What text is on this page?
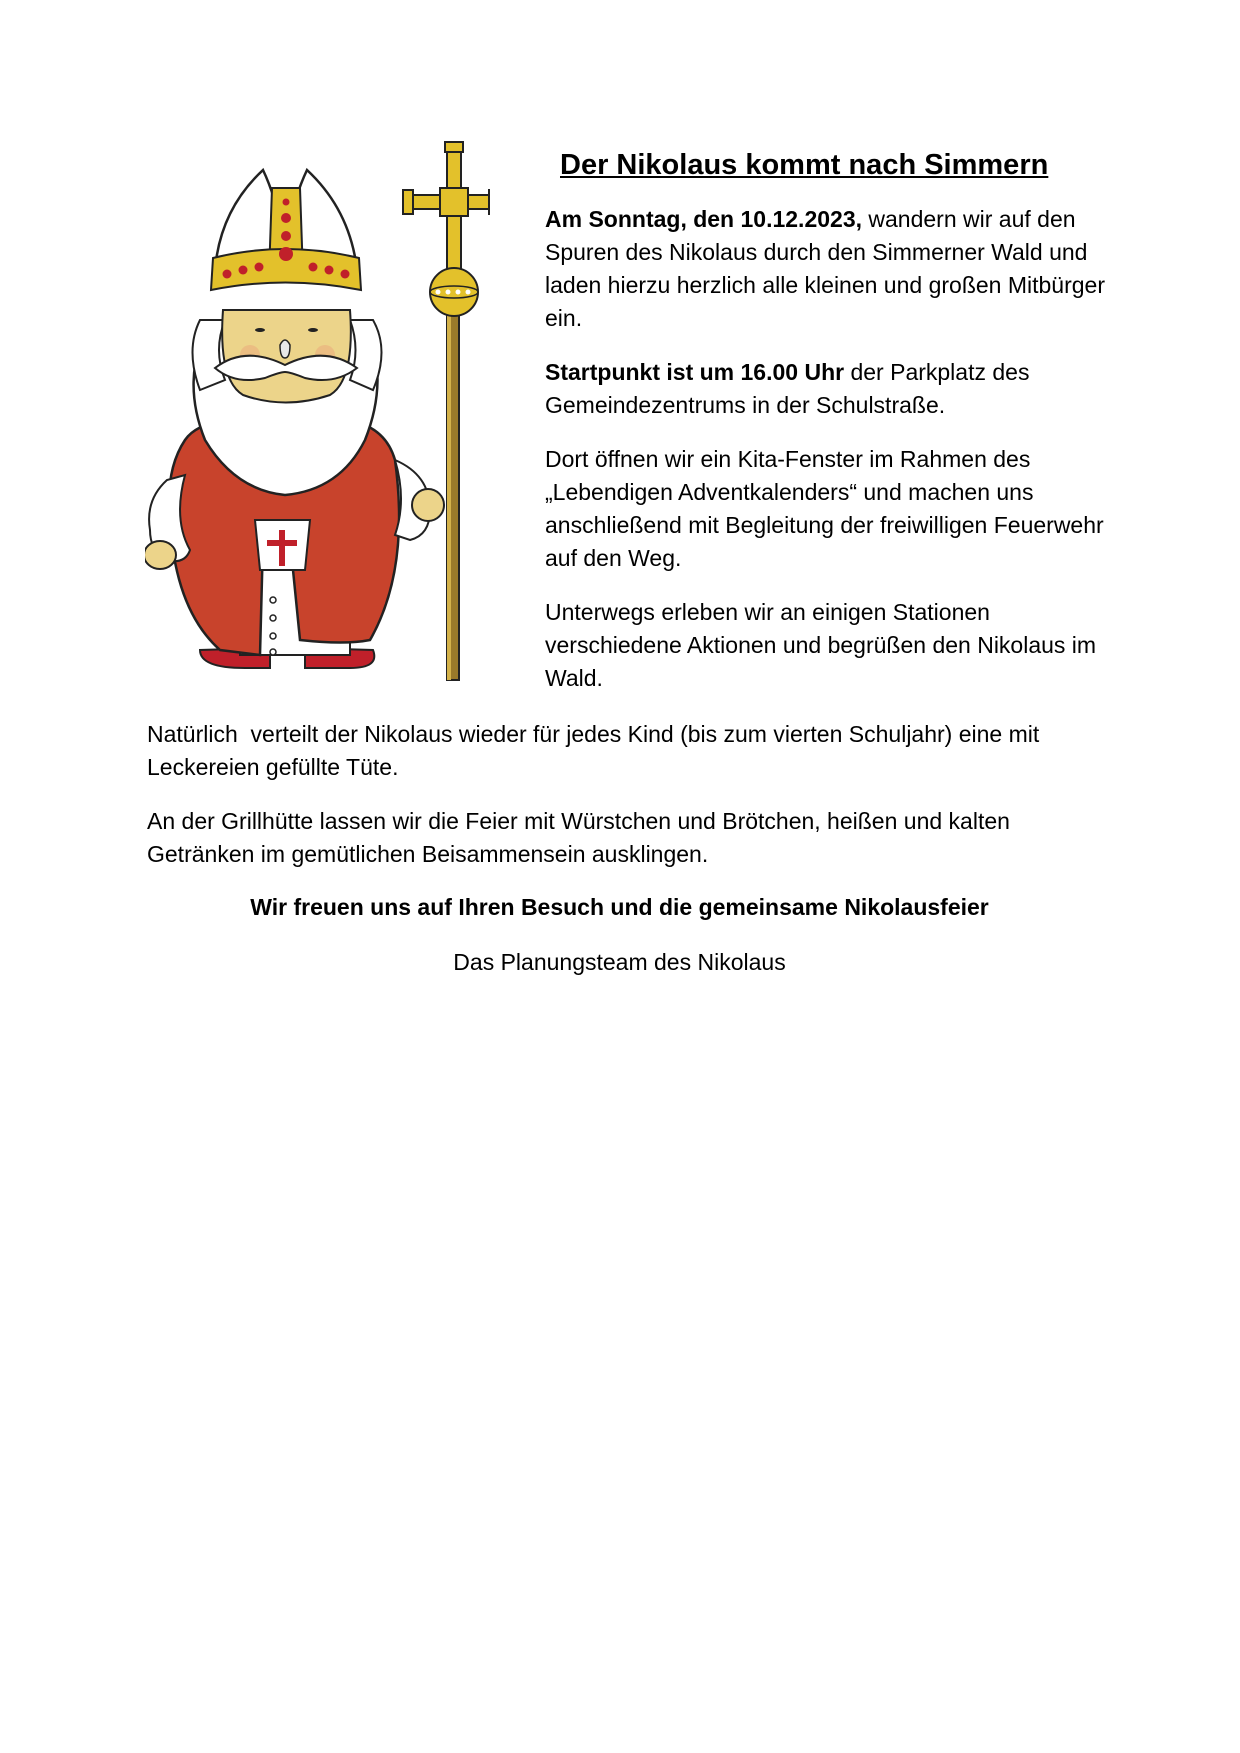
Der Nikolaus kommt nach Simmern

Am Sonntag, den 10.12.2023, wandern wir auf den Spuren des Nikolaus durch den Simmerner Wald und laden hierzu herzlich alle kleinen und großen Mitbürger ein.

Startpunkt ist um 16.00 Uhr der Parkplatz des Gemeindezentrums in der Schulstraße.

Dort öffnen wir ein Kita-Fenster im Rahmen des „Lebendigen Adventkalenders“ und machen uns anschließend mit Begleitung der freiwilligen Feuerwehr auf den Weg.

Unterwegs erleben wir an einigen Stationen verschiedene Aktionen und begrüßen den Nikolaus im Wald.

Natürlich  verteilt der Nikolaus wieder für jedes Kind (bis zum vierten Schuljahr) eine mit Leckereien gefüllte Tüte.

An der Grillhütte lassen wir die Feier mit Würstchen und Brötchen, heißen und kalten Getränken im gemütlichen Beisammensein ausklingen.

Wir freuen uns auf Ihren Besuch und die gemeinsame Nikolausfeier

Das Planungsteam des Nikolaus
